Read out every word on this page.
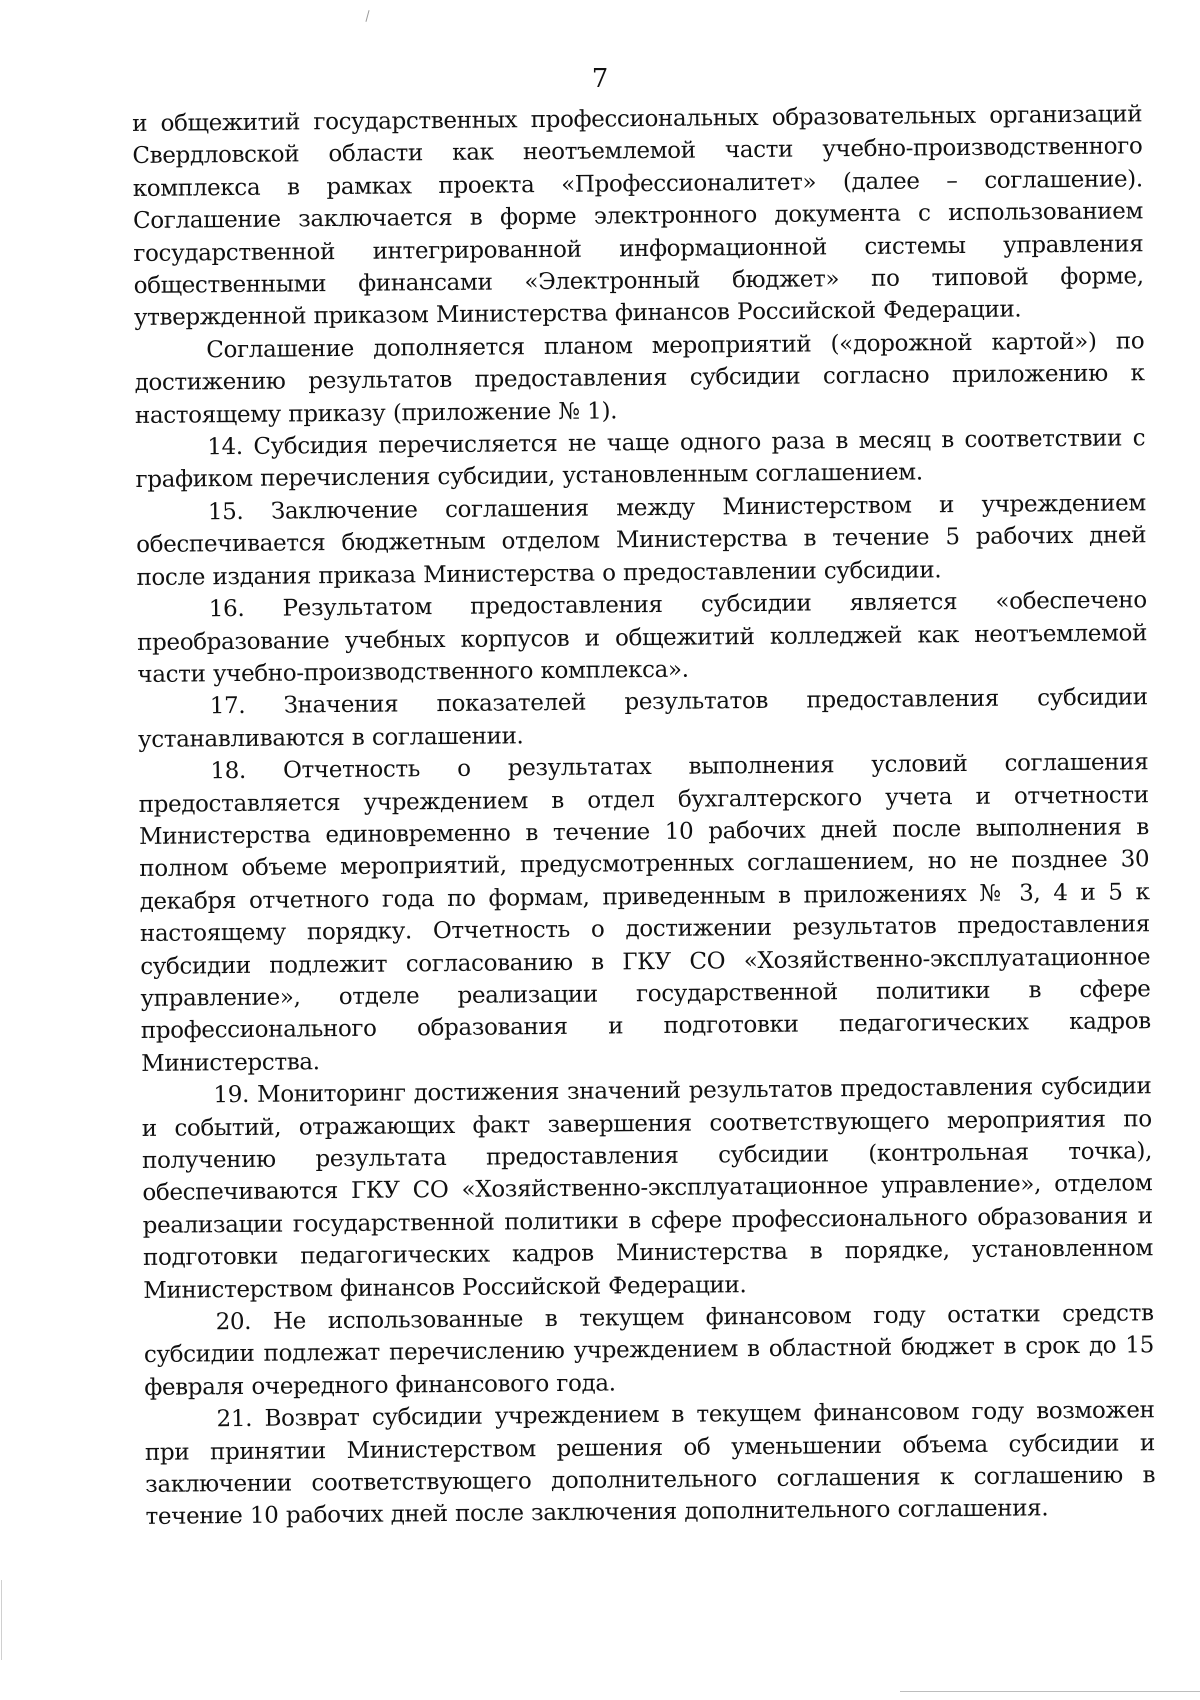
7

и общежитий государственных профессиональных образовательных организаций Свердловской области как неотъемлемой части учебно-производственного комплекса в рамках проекта «Профессионалитет» (далее – соглашение). Соглашение заключается в форме электронного документа с использованием государственной интегрированной информационной системы управления общественными финансами «Электронный бюджет» по типовой форме, утвержденной приказом Министерства финансов Российской Федерации.

Соглашение дополняется планом мероприятий («дорожной картой») по достижению результатов предоставления субсидии согласно приложению к настоящему приказу (приложение № 1).

14. Субсидия перечисляется не чаще одного раза в месяц в соответствии с графиком перечисления субсидии, установленным соглашением.

15. Заключение соглашения между Министерством и учреждением обеспечивается бюджетным отделом Министерства в течение 5 рабочих дней после издания приказа Министерства о предоставлении субсидии.

16. Результатом предоставления субсидии является «обеспечено преобразование учебных корпусов и общежитий колледжей как неотъемлемой части учебно-производственного комплекса».

17. Значения показателей результатов предоставления субсидии устанавливаются в соглашении.

18. Отчетность о результатах выполнения условий соглашения предоставляется учреждением в отдел бухгалтерского учета и отчетности Министерства единовременно в течение 10 рабочих дней после выполнения в полном объеме мероприятий, предусмотренных соглашением, но не позднее 30 декабря отчетного года по формам, приведенным в приложениях № 3, 4 и 5 к настоящему порядку. Отчетность о достижении результатов предоставления субсидии подлежит согласованию в ГКУ СО «Хозяйственно-эксплуатационное управление», отделе реализации государственной политики в сфере профессионального образования и подготовки педагогических кадров Министерства.

19. Мониторинг достижения значений результатов предоставления субсидии и событий, отражающих факт завершения соответствующего мероприятия по получению результата предоставления субсидии (контрольная точка), обеспечиваются ГКУ СО «Хозяйственно-эксплуатационное управление», отделом реализации государственной политики в сфере профессионального образования и подготовки педагогических кадров Министерства в порядке, установленном Министерством финансов Российской Федерации.

20. Не использованные в текущем финансовом году остатки средств субсидии подлежат перечислению учреждением в областной бюджет в срок до 15 февраля очередного финансового года.

21. Возврат субсидии учреждением в текущем финансовом году возможен при принятии Министерством решения об уменьшении объема субсидии и заключении соответствующего дополнительного соглашения к соглашению в течение 10 рабочих дней после заключения дополнительного соглашения.
